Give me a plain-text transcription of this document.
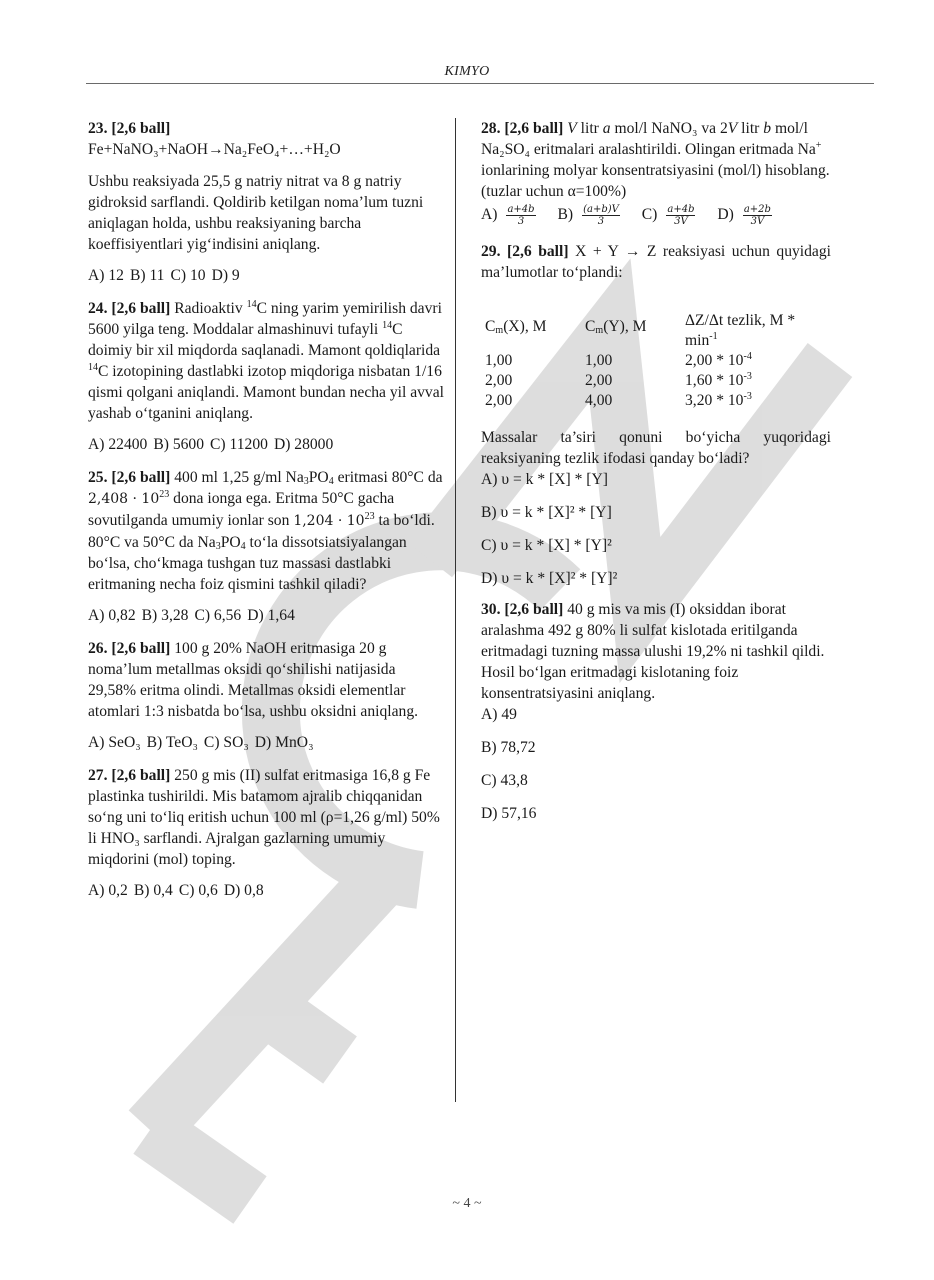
KIMYO

23. [2,6 ball]

Fe+NaNO₃+NaOH→Na₂FeO₄+…+H₂O

Ushbu reaksiyada 25,5 g natriy nitrat va 8 g natriy gidroksid sarflandi. Qoldirib ketilgan noma’lum tuzni aniqlagan holda, ushbu reaksiyaning barcha koeffisiyentlari yig‘indisini aniqlang.

A) 12 B) 11 C) 10 D) 9

24. [2,6 ball] Radioaktiv $^{14}$C ning yarim yemirilish davri 5600 yilga teng. Moddalar almashinuvi tufayli $^{14}$C doimiy bir xil miqdorda saqlanadi. Mamont qoldiqlarida $^{14}$C izotopining dastlabki izotop miqdoriga nisbatan 1/16 qismi qolgani aniqlandi. Mamont bundan necha yil avval yashab o‘tganini aniqlang.

A) 22400 B) 5600 C) 11200 D) 28000

25. [2,6 ball] 400 ml 1,25 g/ml $Na_3PO_4$ eritmasi 80°C da $2,408 \cdot 10^{23}$ dona ionga ega. Eritma 50°C gacha sovutilganda umumiy ionlar son $1,204 \cdot 10^{23}$ ta bo‘ldi. 80°C va 50°C da $Na_3PO_4$ to‘la dissotsiatsiyalangan bo‘lsa, cho‘kmaga tushgan tuz massasi dastlabki eritmaning necha foiz qismini tashkil qiladi?

A) 0,82 B) 3,28 C) 6,56 D) 1,64

26. [2,6 ball] 100 g 20% NaOH eritmasiga 20 g noma’lum metallmas oksidi qo‘shilishi natijasida 29,58% eritma olindi. Metallmas oksidi elementlar atomlari 1:3 nisbatda bo‘lsa, ushbu oksidni aniqlang.

A) SeO₃ B) TeO₃ C) SO₃ D) MnO₃

27. [2,6 ball] 250 g mis (II) sulfat eritmasiga 16,8 g Fe plastinka tushirildi. Mis batamom ajralib chiqqanidan so‘ng uni to‘liq eritish uchun 100 ml (ρ=1,26 g/ml) 50% li HNO₃ sarflandi. Ajralgan gazlarning umumiy miqdorini (mol) toping.

A) 0,2 B) 0,4 C) 0,6 D) 0,8

28. [2,6 ball] V litr a mol/l NaNO₃ va 2V litr b mol/l Na₂SO₄ eritmalari aralashtirildi. Olingan eritmada Na+ ionlarining molyar konsentratsiyasini (mol/l) hisoblang. (tuzlar uchun α=100%)

$A) \frac{a+4b}{3} B) \frac{(a+b)V}{3} C) \frac{a+4b}{3V} D) \frac{a+2b}{3V}$

29. [2,6 ball] X + Y → Z reaksiyasi uchun quyidagi ma’lumotlar to‘plandi:

$C_m(X)$, M	$C_m(Y)$, M	ΔZ/Δt tezlik, M * $\min^{-1}$
1,00	1,00	$2,00 * 10^{-4}$
2,00	2,00	$1,60 * 10^{-3}$
2,00	4,00	$3,20 * 10^{-3}$

Massalar ta’siri qonuni bo‘yicha yuqoridagi reaksiyaning tezlik ifodasi qanday bo‘ladi?

A) υ = k * [X] * [Y]
B) υ = k * [X]² * [Y]
C) υ = k * [X] * [Y]²
D) υ = k * [X]² * [Y]²

30. [2,6 ball] 40 g mis va mis (I) oksiddan iborat aralashma 492 g 80% li sulfat kislotada eritilganda eritmadagi tuzning massa ulushi 19,2% ni tashkil qildi. Hosil bo‘lgan eritmadagi kislotaning foiz konsentratsiyasini aniqlang.

A) 49
B) 78,72
C) 43,8
D) 57,16
~ 4 ~
